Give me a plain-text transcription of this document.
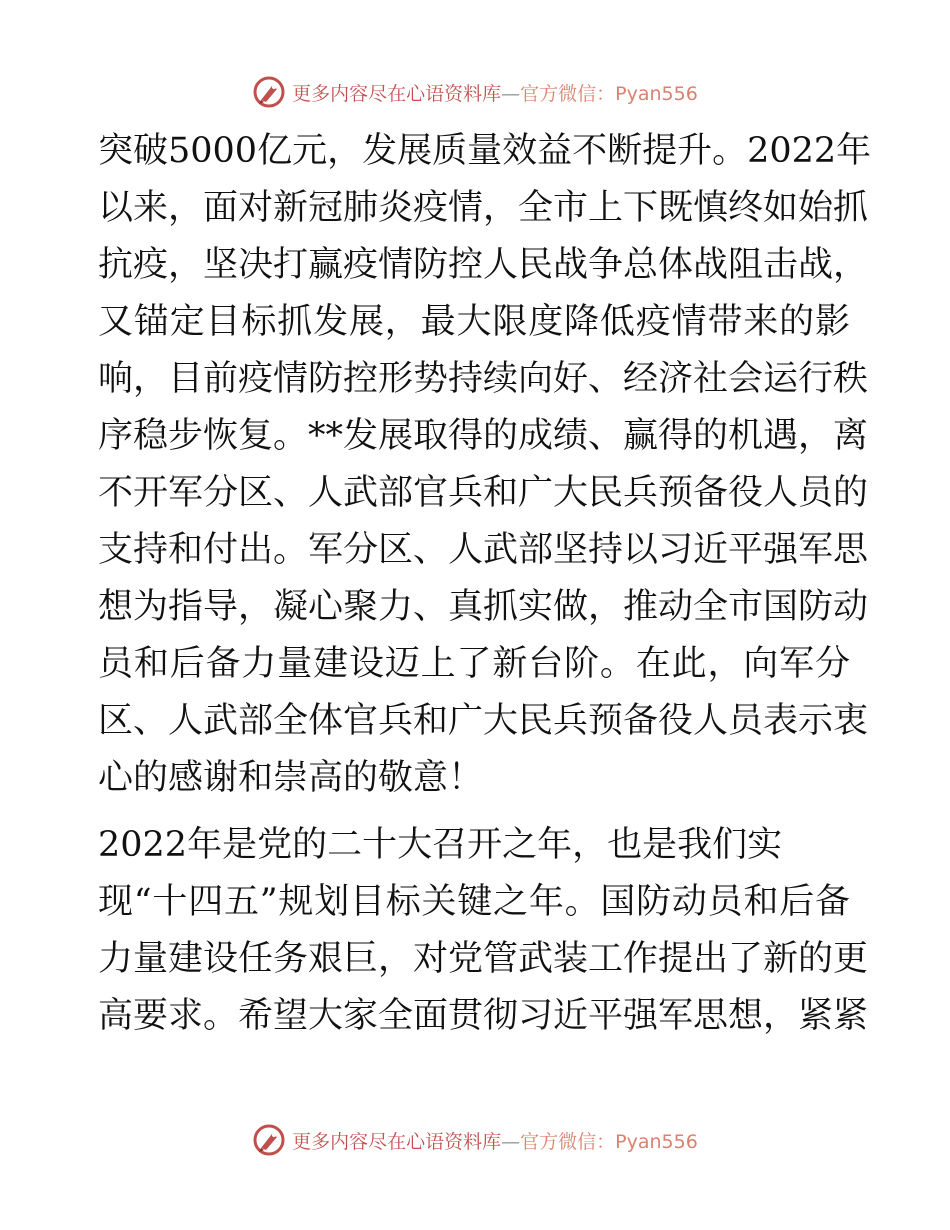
更多内容尽在心语资料库—官方微信：Pyan556
突破5000亿元，发展质量效益不断提升。2022年
以来，面对新冠肺炎疫情，全市上下既慎终如始抓
抗疫，坚决打赢疫情防控人民战争总体战阻击战，
又锚定目标抓发展，最大限度降低疫情带来的影
响，目前疫情防控形势持续向好、经济社会运行秩
序稳步恢复。**发展取得的成绩、赢得的机遇，离
不开军分区、人武部官兵和广大民兵预备役人员的
支持和付出。军分区、人武部坚持以习近平强军思
想为指导，凝心聚力、真抓实做，推动全市国防动
员和后备力量建设迈上了新台阶。在此，向军分
区、人武部全体官兵和广大民兵预备役人员表示衷
心的感谢和崇高的敬意！
2022年是党的二十大召开之年，也是我们实
现“十四五”规划目标关键之年。国防动员和后备
力量建设任务艰巨，对党管武装工作提出了新的更
高要求。希望大家全面贯彻习近平强军思想，紧紧
更多内容尽在心语资料库—官方微信：Pyan556
